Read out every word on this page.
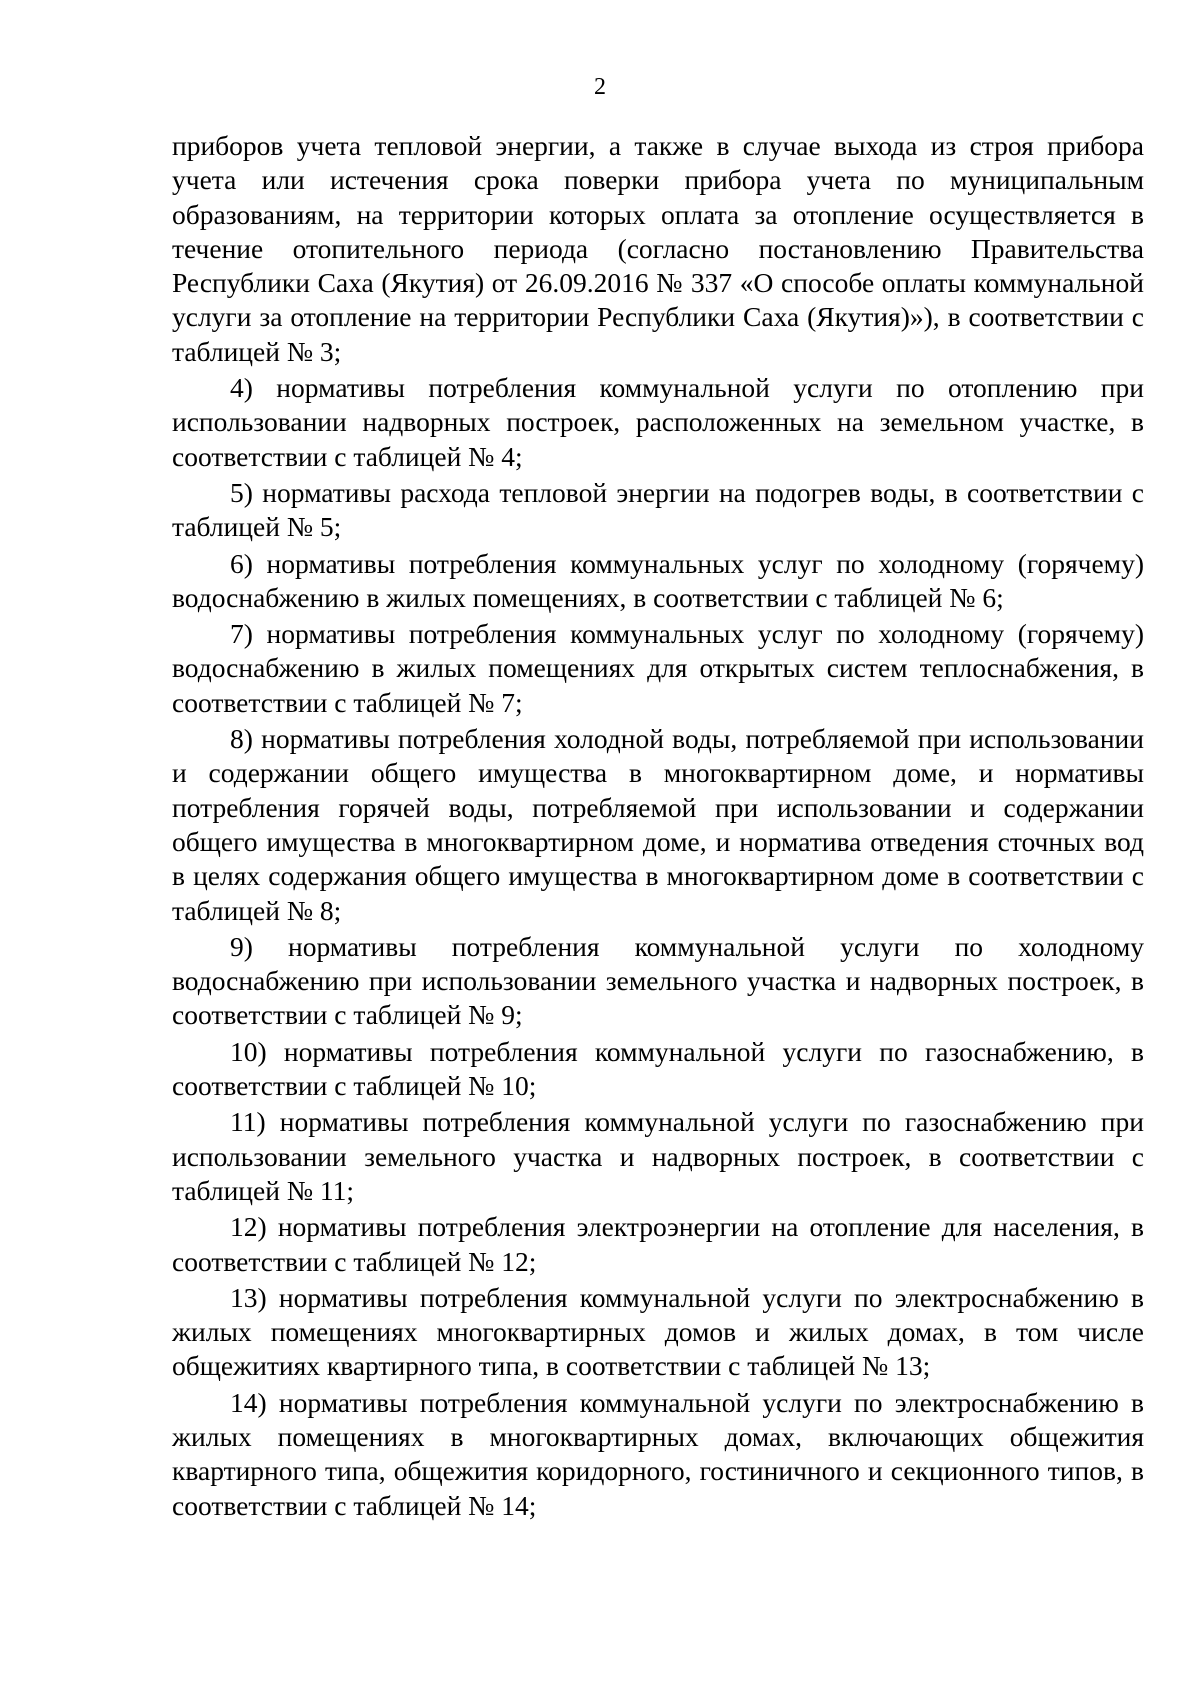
2

приборов учета тепловой энергии, а также в случае выхода из строя прибора учета или истечения срока поверки прибора учета по муниципальным образованиям, на территории которых оплата за отопление осуществляется в течение отопительного периода (согласно постановлению Правительства Республики Саха (Якутия) от 26.09.2016 № 337 «О способе оплаты коммунальной услуги за отопление на территории Республики Саха (Якутия)»), в соответствии с таблицей № 3;

4) нормативы потребления коммунальной услуги по отоплению при использовании надворных построек, расположенных на земельном участке, в соответствии с таблицей № 4;

5) нормативы расхода тепловой энергии на подогрев воды, в соответствии с таблицей № 5;

6) нормативы потребления коммунальных услуг по холодному (горячему) водоснабжению в жилых помещениях, в соответствии с таблицей № 6;

7) нормативы потребления коммунальных услуг по холодному (горячему) водоснабжению в жилых помещениях для открытых систем теплоснабжения, в соответствии с таблицей № 7;

8) нормативы потребления холодной воды, потребляемой при использовании и содержании общего имущества в многоквартирном доме, и нормативы потребления горячей воды, потребляемой при использовании и содержании общего имущества в многоквартирном доме, и норматива отведения сточных вод в целях содержания общего имущества в многоквартирном доме в соответствии с таблицей № 8;

9) нормативы потребления коммунальной услуги по холодному водоснабжению при использовании земельного участка и надворных построек, в соответствии с таблицей № 9;

10) нормативы потребления коммунальной услуги по газоснабжению, в соответствии с таблицей № 10;

11) нормативы потребления коммунальной услуги по газоснабжению при использовании земельного участка и надворных построек, в соответствии с таблицей № 11;

12) нормативы потребления электроэнергии на отопление для населения, в соответствии с таблицей № 12;

13) нормативы потребления коммунальной услуги по электроснабжению в жилых помещениях многоквартирных домов и жилых домах, в том числе общежитиях квартирного типа, в соответствии с таблицей № 13;

14) нормативы потребления коммунальной услуги по электроснабжению в жилых помещениях в многоквартирных домах, включающих общежития квартирного типа, общежития коридорного, гостиничного и секционного типов, в соответствии с таблицей № 14;
